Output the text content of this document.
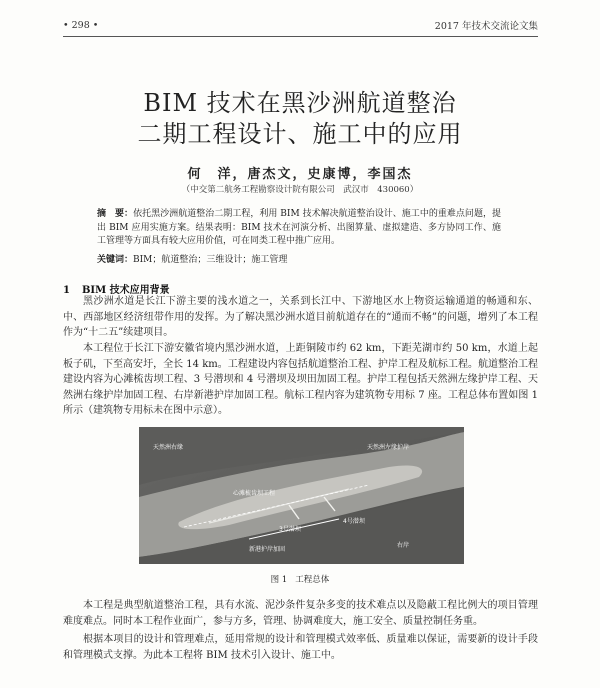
• 298 •	2017 年技术交流论文集
BIM 技术在黑沙洲航道整治
二期工程设计、施工中的应用
何　洋，唐杰文，史康博，李国杰
（中交第二航务工程勘察设计院有限公司　武汉市　430060）
摘　要：依托黑沙洲航道整治二期工程，利用 BIM 技术解决航道整治设计、施工中的重难点问题，提出 BIM 应用实施方案。结果表明：BIM 技术在河演分析、出图算量、虚拟建造、多方协同工作、施工管理等方面具有较大应用价值，可在同类工程中推广应用。
关键词：BIM；航道整治；三维设计；施工管理
1 BIM 技术应用背景

黑沙洲水道是长江下游主要的浅水道之一，关系到长江中、下游地区水上物资运输通道的畅通和东、中、西部地区经济纽带作用的发挥。为了解决黑沙洲水道目前航道存在的“通而不畅”的问题，增列了本工程作为“十二五”续建项目。

本工程位于长江下游安徽省境内黑沙洲水道，上距铜陵市约 62 km，下距芜湖市约 50 km，水道上起板子矶，下至高安圩，全长 14 km。工程建设内容包括航道整治工程、护岸工程及航标工程。航道整治工程建设内容为心滩梳齿坝工程、3 号潜坝和 4 号潜坝及坝田加固工程。护岸工程包括天然洲左缘护岸工程、天然洲右缘护岸加固工程、右岸新港护岸加固工程。航标工程内容为建筑物专用标 7 座。工程总体布置如图 1 所示（建筑物专用标未在图中示意）。

天然洲右缘	天然洲左缘护岸
心滩梳齿坝工程
3号潜坝
4号潜坝
新港护岸加固
右岸
图 1 工程总体

本工程是典型航道整治工程，具有水流、泥沙条件复杂多变的技术难点以及隐蔽工程比例大的项目管理难度难点。同时本工程作业面广，参与方多，管理、协调难度大，施工安全、质量控制任务重。

根据本项目的设计和管理难点，延用常规的设计和管理模式效率低、质量难以保证，需要新的设计手段和管理模式支撑。为此本工程将 BIM 技术引入设计、施工中。
